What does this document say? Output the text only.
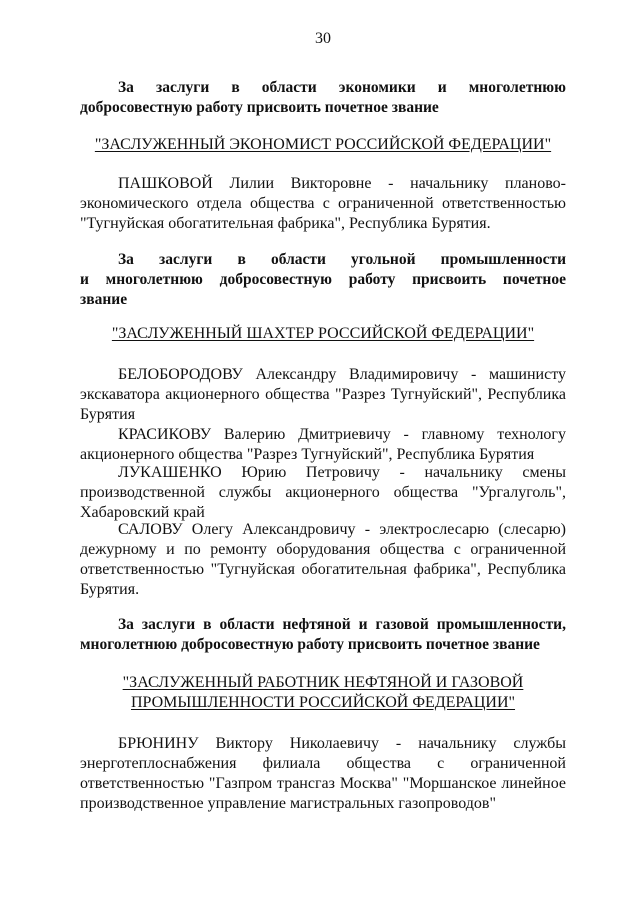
30
За заслуги в области экономики и многолетнюю
добросовестную работу присвоить почетное звание
"ЗАСЛУЖЕННЫЙ ЭКОНОМИСТ РОССИЙСКОЙ ФЕДЕРАЦИИ"
ПАШКОВОЙ Лилии Викторовне - начальнику планово-
экономического отдела общества с ограниченной ответственностью
"Тугнуйская обогатительная фабрика", Республика Бурятия.
За заслуги в области угольной промышленности
и многолетнюю добросовестную работу присвоить почетное
звание
"ЗАСЛУЖЕННЫЙ ШАХТЕР РОССИЙСКОЙ ФЕДЕРАЦИИ"
БЕЛОБОРОДОВУ Александру Владимировичу - машинисту
экскаватора акционерного общества "Разрез Тугнуйский", Республика
Бурятия
КРАСИКОВУ Валерию Дмитриевичу - главному технологу
акционерного общества "Разрез Тугнуйский", Республика Бурятия
ЛУКАШЕНКО Юрию Петровичу - начальнику смены
производственной службы акционерного общества "Ургалуголь",
Хабаровский край
САЛОВУ Олегу Александровичу - электрослесарю (слесарю)
дежурному и по ремонту оборудования общества с ограниченной
ответственностью "Тугнуйская обогатительная фабрика", Республика
Бурятия.
За заслуги в области нефтяной и газовой промышленности,
многолетнюю добросовестную работу присвоить почетное звание
"ЗАСЛУЖЕННЫЙ РАБОТНИК НЕФТЯНОЙ И ГАЗОВОЙ
ПРОМЫШЛЕННОСТИ РОССИЙСКОЙ ФЕДЕРАЦИИ"
БРЮНИНУ Виктору Николаевичу - начальнику службы
энерготеплоснабжения филиала общества с ограниченной
ответственностью "Газпром трансгаз Москва" "Моршанское линейное
производственное управление магистральных газопроводов"
